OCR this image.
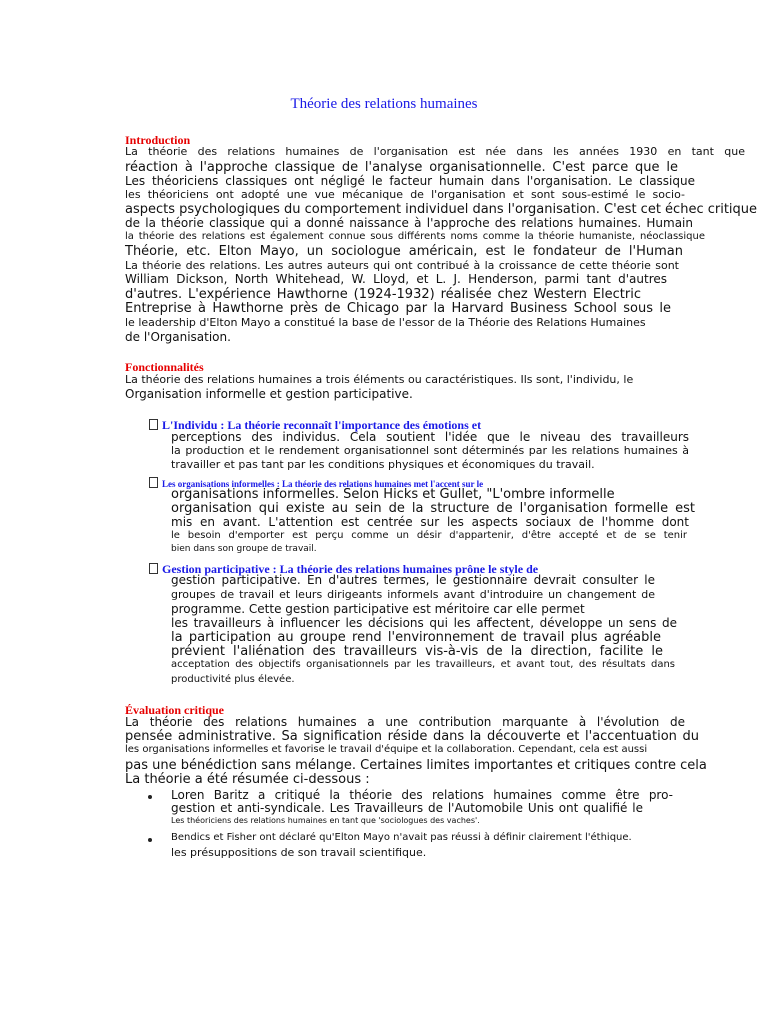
Théorie des relations humaines
Introduction

La théorie des relations humaines de l'organisation est née dans les années 1930 en tant que

réaction à l'approche classique de l'analyse organisationnelle. C'est parce que le

Les théoriciens classiques ont négligé le facteur humain dans l'organisation. Le classique

les théoriciens ont adopté une vue mécanique de l'organisation et sont sous-estimé le socio-

aspects psychologiques du comportement individuel dans l'organisation. C'est cet échec critique

de la théorie classique qui a donné naissance à l'approche des relations humaines. Humain

la théorie des relations est également connue sous différents noms comme la théorie humaniste, néoclassique

Théorie, etc. Elton Mayo, un sociologue américain, est le fondateur de l'Human

La théorie des relations. Les autres auteurs qui ont contribué à la croissance de cette théorie sont

William Dickson, North Whitehead, W. Lloyd, et L. J. Henderson, parmi tant d'autres

d'autres. L'expérience Hawthorne (1924-1932) réalisée chez Western Electric

Entreprise à Hawthorne près de Chicago par la Harvard Business School sous le

le leadership d'Elton Mayo a constitué la base de l'essor de la Théorie des Relations Humaines

de l'Organisation.

Fonctionnalités

La théorie des relations humaines a trois éléments ou caractéristiques. Ils sont, l'individu, le

Organisation informelle et gestion participative.

L'Individu : La théorie reconnaît l'importance des émotions et

perceptions des individus. Cela soutient l'idée que le niveau des travailleurs

la production et le rendement organisationnel sont déterminés par les relations humaines à

travailler et pas tant par les conditions physiques et économiques du travail.

Les organisations informelles : La théorie des relations humaines met l'accent sur le

organisations informelles. Selon Hicks et Gullet, "L'ombre informelle

organisation qui existe au sein de la structure de l'organisation formelle est

mis en avant. L'attention est centrée sur les aspects sociaux de l'homme dont

le besoin d'emporter est perçu comme un désir d'appartenir, d'être accepté et de se tenir

bien dans son groupe de travail.

Gestion participative : La théorie des relations humaines prône le style de

gestion participative. En d'autres termes, le gestionnaire devrait consulter le

groupes de travail et leurs dirigeants informels avant d'introduire un changement de

programme. Cette gestion participative est méritoire car elle permet

les travailleurs à influencer les décisions qui les affectent, développe un sens de

la participation au groupe rend l'environnement de travail plus agréable

prévient l'aliénation des travailleurs vis-à-vis de la direction, facilite le

acceptation des objectifs organisationnels par les travailleurs, et avant tout, des résultats dans

productivité plus élevée.

Évaluation critique

La théorie des relations humaines a une contribution marquante à l'évolution de

pensée administrative. Sa signification réside dans la découverte et l'accentuation du

les organisations informelles et favorise le travail d'équipe et la collaboration. Cependant, cela est aussi

pas une bénédiction sans mélange. Certaines limites importantes et critiques contre cela

La théorie a été résumée ci-dessous :

Loren Baritz a critiqué la théorie des relations humaines comme être pro-

gestion et anti-syndicale. Les Travailleurs de l'Automobile Unis ont qualifié le

Les théoriciens des relations humaines en tant que 'sociologues des vaches'.

Bendics et Fisher ont déclaré qu'Elton Mayo n'avait pas réussi à définir clairement l'éthique.

les présuppositions de son travail scientifique.
